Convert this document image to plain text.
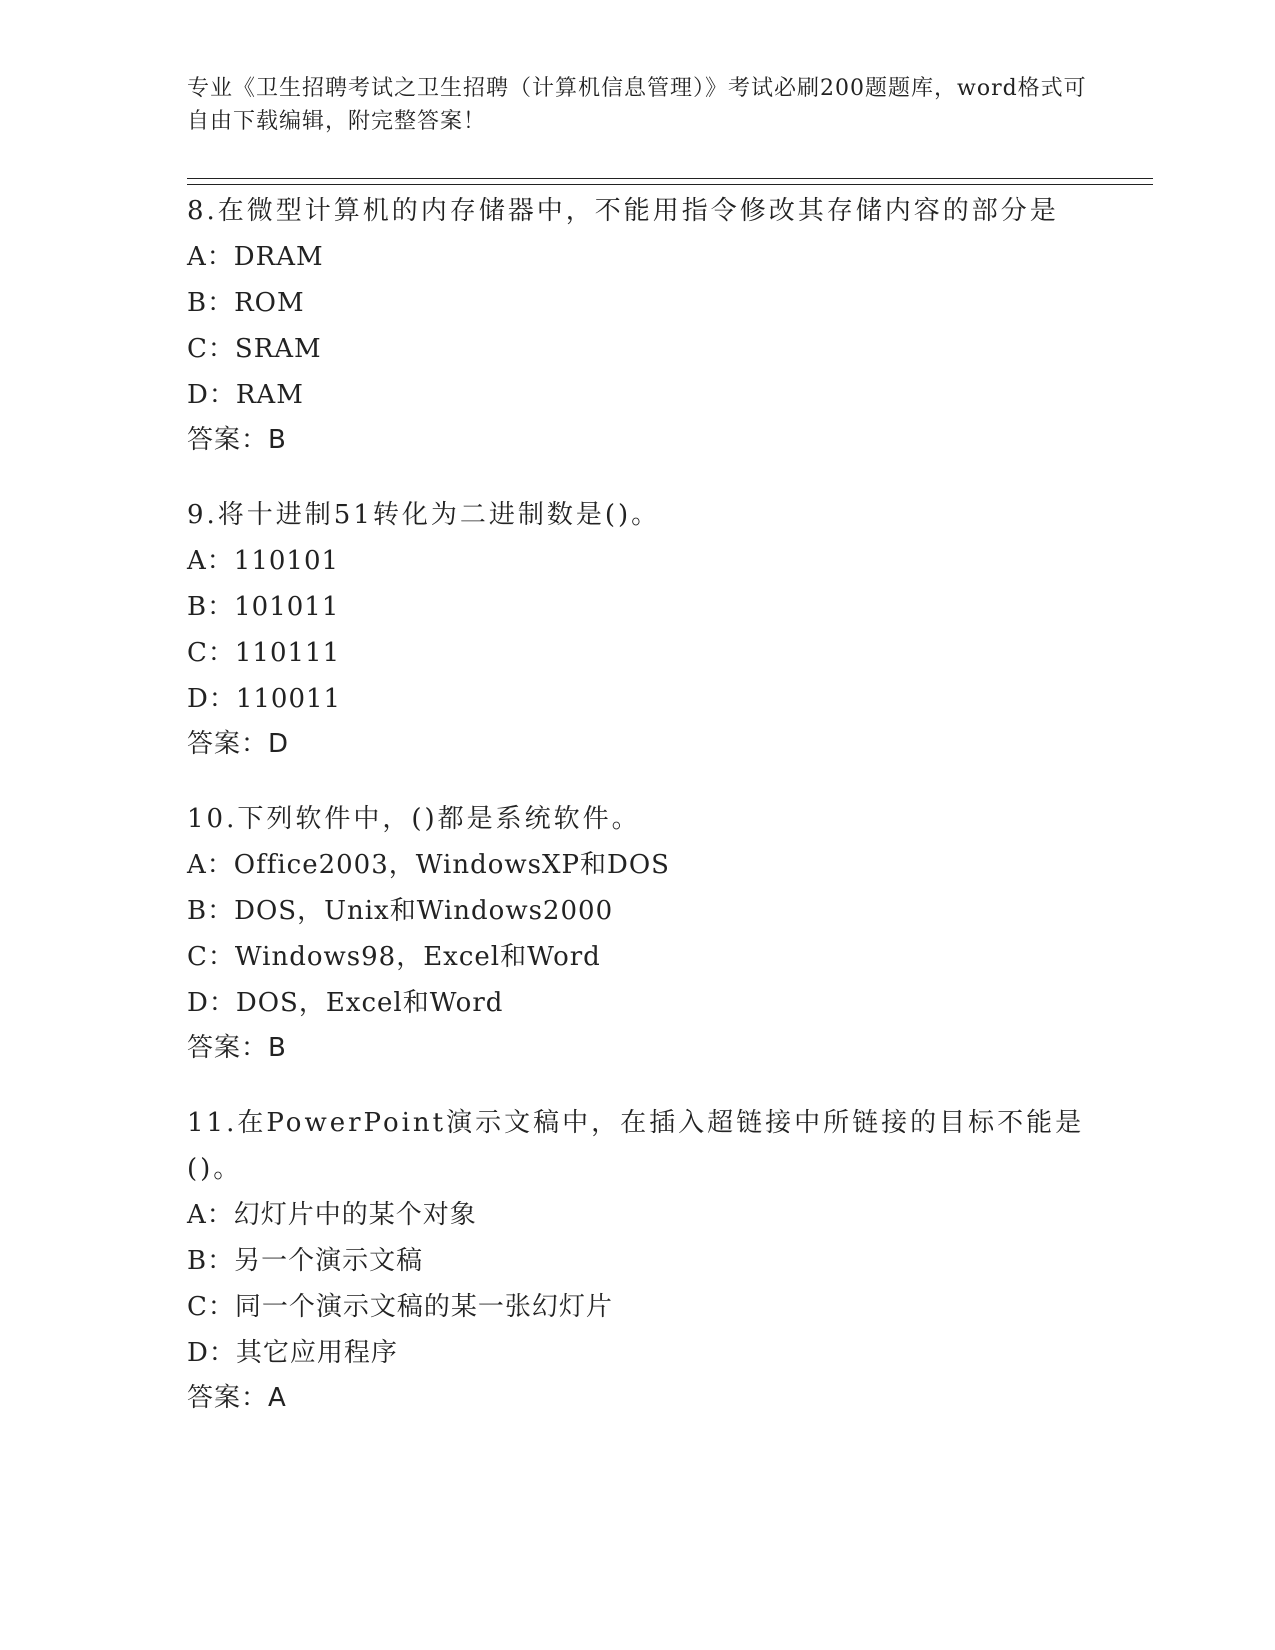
专业《卫生招聘考试之卫生招聘（计算机信息管理）》考试必刷200题题库，word格式可自由下载编辑，附完整答案！
8.在微型计算机的内存储器中，不能用指令修改其存储内容的部分是
A：DRAM
B：ROM
C：SRAM
D：RAM
答案：B
9.将十进制51转化为二进制数是()。
A：110101
B：101011
C：110111
D：110011
答案：D
10.下列软件中，()都是系统软件。
A：Office2003，WindowsXP和DOS
B：DOS，Unix和Windows2000
C：Windows98，Excel和Word
D：DOS，Excel和Word
答案：B
11.在PowerPoint演示文稿中，在插入超链接中所链接的目标不能是()。
A：幻灯片中的某个对象
B：另一个演示文稿
C：同一个演示文稿的某一张幻灯片
D：其它应用程序
答案：A
